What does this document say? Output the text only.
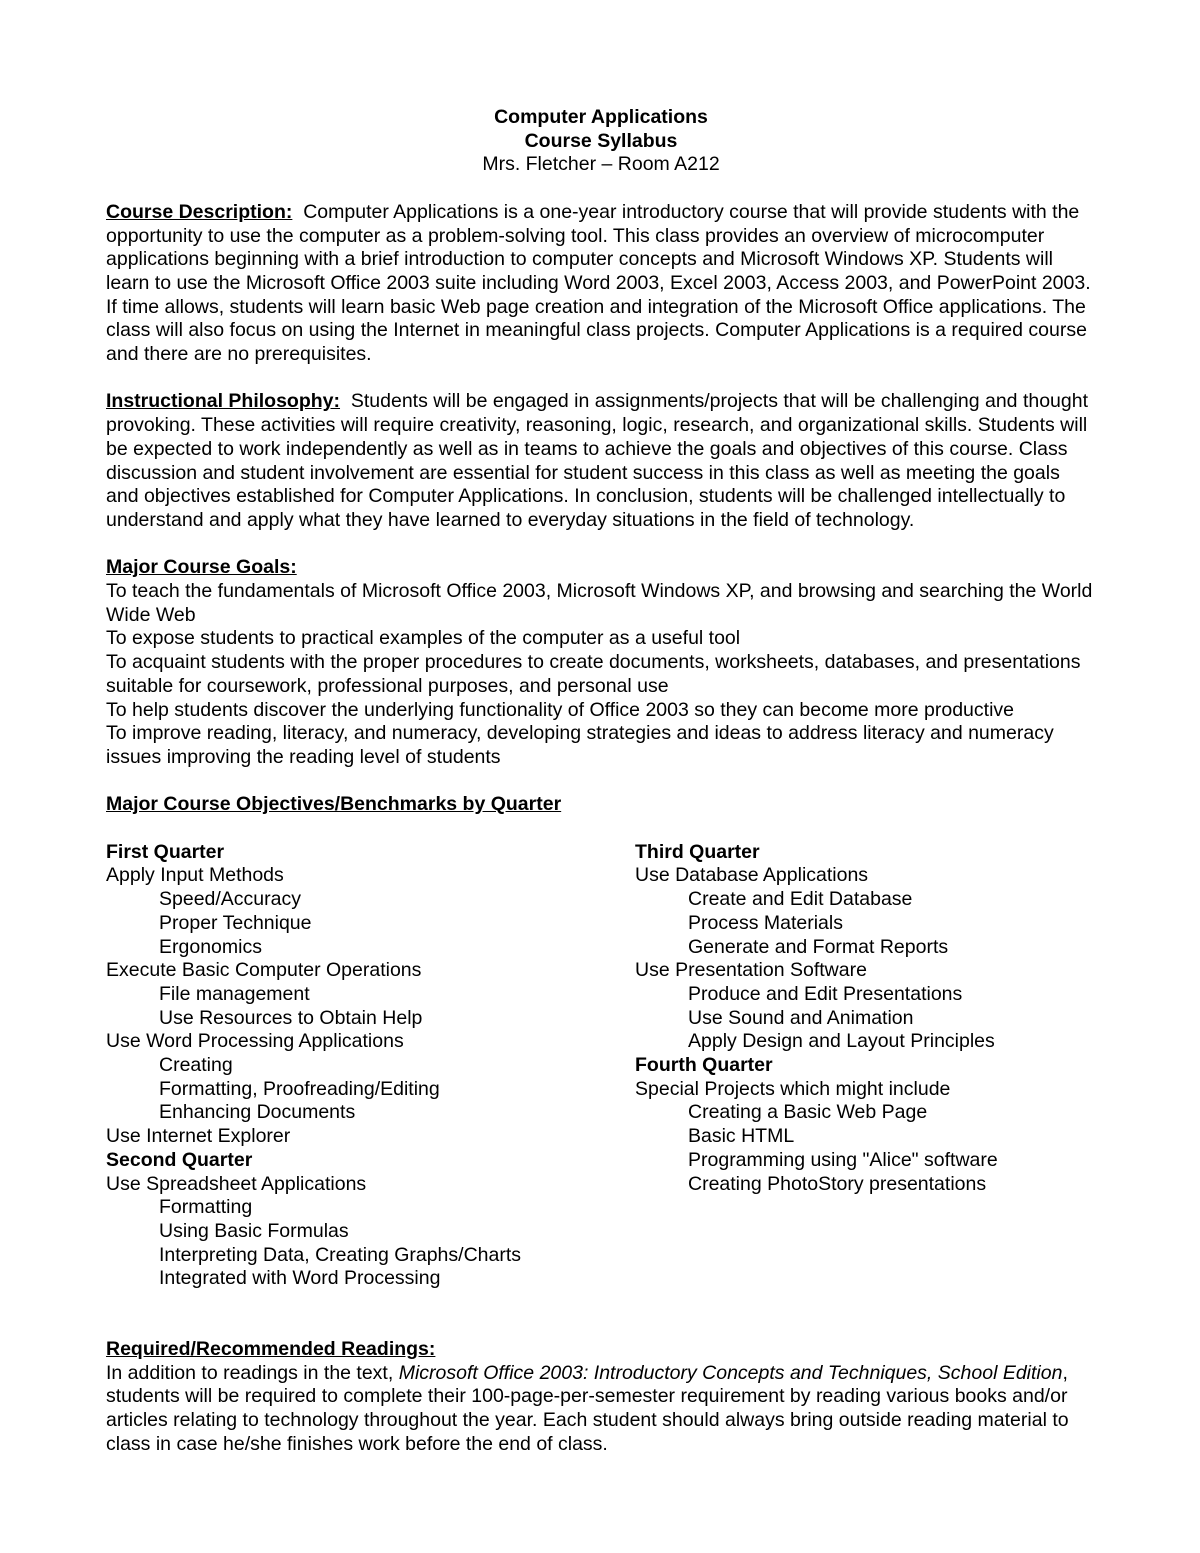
Computer Applications
Course Syllabus
Mrs. Fletcher – Room A212

Course Description: Computer Applications is a one-year introductory course that will provide students with the opportunity to use the computer as a problem-solving tool. This class provides an overview of microcomputer applications beginning with a brief introduction to computer concepts and Microsoft Windows XP. Students will learn to use the Microsoft Office 2003 suite including Word 2003, Excel 2003, Access 2003, and PowerPoint 2003. If time allows, students will learn basic Web page creation and integration of the Microsoft Office applications. The class will also focus on using the Internet in meaningful class projects. Computer Applications is a required course and there are no prerequisites.

Instructional Philosophy: Students will be engaged in assignments/projects that will be challenging and thought provoking. These activities will require creativity, reasoning, logic, research, and organizational skills. Students will be expected to work independently as well as in teams to achieve the goals and objectives of this course. Class discussion and student involvement are essential for student success in this class as well as meeting the goals and objectives established for Computer Applications. In conclusion, students will be challenged intellectually to understand and apply what they have learned to everyday situations in the field of technology.

Major Course Goals:
To teach the fundamentals of Microsoft Office 2003, Microsoft Windows XP, and browsing and searching the World Wide Web
To expose students to practical examples of the computer as a useful tool
To acquaint students with the proper procedures to create documents, worksheets, databases, and presentations suitable for coursework, professional purposes, and personal use
To help students discover the underlying functionality of Office 2003 so they can become more productive
To improve reading, literacy, and numeracy, developing strategies and ideas to address literacy and numeracy issues improving the reading level of students
Major Course Objectives/Benchmarks by Quarter
First Quarter
Apply Input Methods
Speed/Accuracy
Proper Technique
Ergonomics
Execute Basic Computer Operations
File management
Use Resources to Obtain Help
Use Word Processing Applications
Creating
Formatting, Proofreading/Editing
Enhancing Documents
Use Internet Explorer
Second Quarter
Use Spreadsheet Applications
Formatting
Using Basic Formulas
Interpreting Data, Creating Graphs/Charts
Integrated with Word Processing
Third Quarter
Use Database Applications
Create and Edit Database
Process Materials
Generate and Format Reports
Use Presentation Software
Produce and Edit Presentations
Use Sound and Animation
Apply Design and Layout Principles
Fourth Quarter
Special Projects which might include
Creating a Basic Web Page
Basic HTML
Programming using "Alice" software
Creating PhotoStory presentations
Required/Recommended Readings:

In addition to readings in the text, Microsoft Office 2003: Introductory Concepts and Techniques, School Edition, students will be required to complete their 100-page-per-semester requirement by reading various books and/or articles relating to technology throughout the year. Each student should always bring outside reading material to class in case he/she finishes work before the end of class.
